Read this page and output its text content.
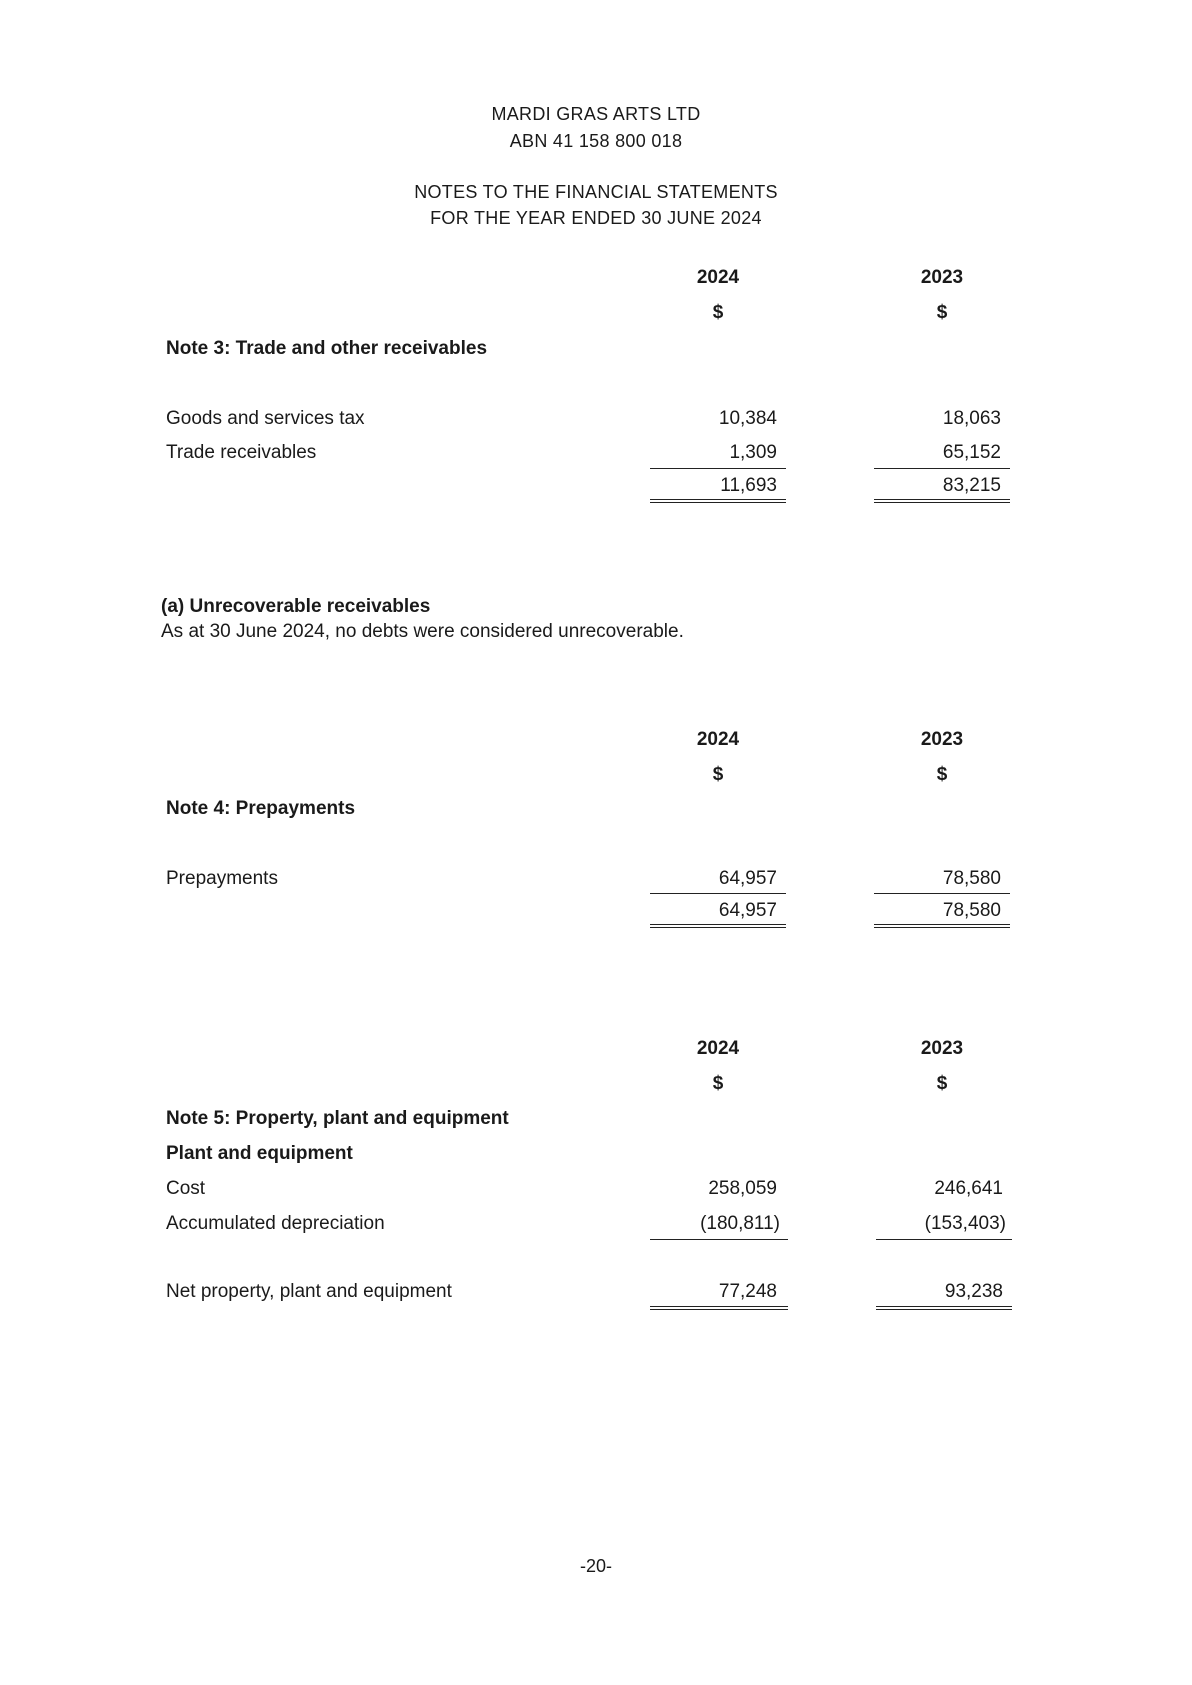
MARDI GRAS ARTS LTD
ABN 41 158 800 018
NOTES TO THE FINANCIAL STATEMENTS
FOR THE YEAR ENDED 30 JUNE 2024
2024	2023
$	$
Note 3: Trade and other receivables
Goods and services tax	10,384	18,063
Trade receivables	1,309	65,152
11,693	83,215
(a) Unrecoverable receivables
As at 30 June 2024, no debts were considered unrecoverable.
2024	2023
$	$
Note 4: Prepayments
Prepayments	64,957	78,580
64,957	78,580
2024	2023
$	$
Note 5: Property, plant and equipment
Plant and equipment
Cost	258,059	246,641
Accumulated depreciation	(180,811)	(153,403)
Net property, plant and equipment	77,248	93,238
-20-
